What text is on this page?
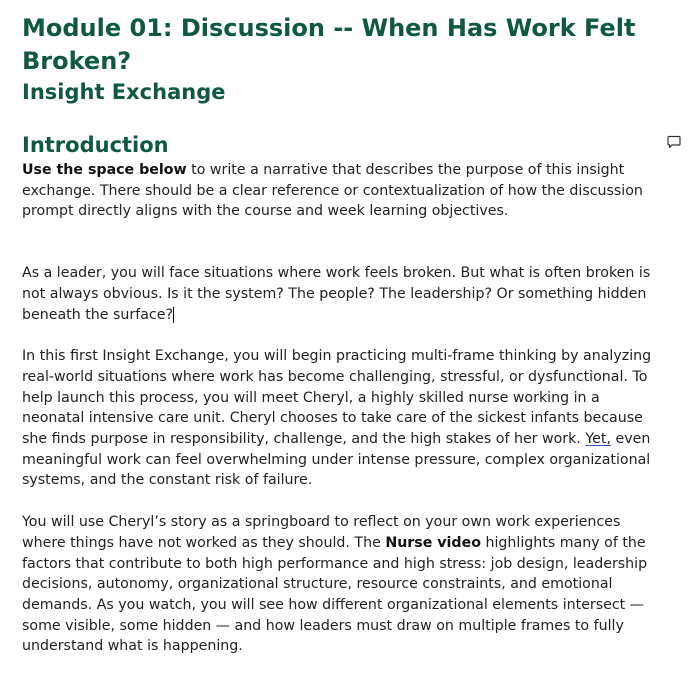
Module 01: Discussion -- When Has Work Felt Broken?
Insight Exchange
Introduction

Use the space below to write a narrative that describes the purpose of this insight exchange. There should be a clear reference or contextualization of how the discussion prompt directly aligns with the course and week learning objectives.

As a leader, you will face situations where work feels broken. But what is often broken is not always obvious. Is it the system? The people? The leadership? Or something hidden beneath the surface?

In this first Insight Exchange, you will begin practicing multi-frame thinking by analyzing real-world situations where work has become challenging, stressful, or dysfunctional. To help launch this process, you will meet Cheryl, a highly skilled nurse working in a neonatal intensive care unit. Cheryl chooses to take care of the sickest infants because she finds purpose in responsibility, challenge, and the high stakes of her work. Yet, even meaningful work can feel overwhelming under intense pressure, complex organizational systems, and the constant risk of failure.

You will use Cheryl’s story as a springboard to reflect on your own work experiences where things have not worked as they should. The Nurse video highlights many of the factors that contribute to both high performance and high stress: job design, leadership decisions, autonomy, organizational structure, resource constraints, and emotional demands. As you watch, you will see how different organizational elements intersect — some visible, some hidden — and how leaders must draw on multiple frames to fully understand what is happening.
